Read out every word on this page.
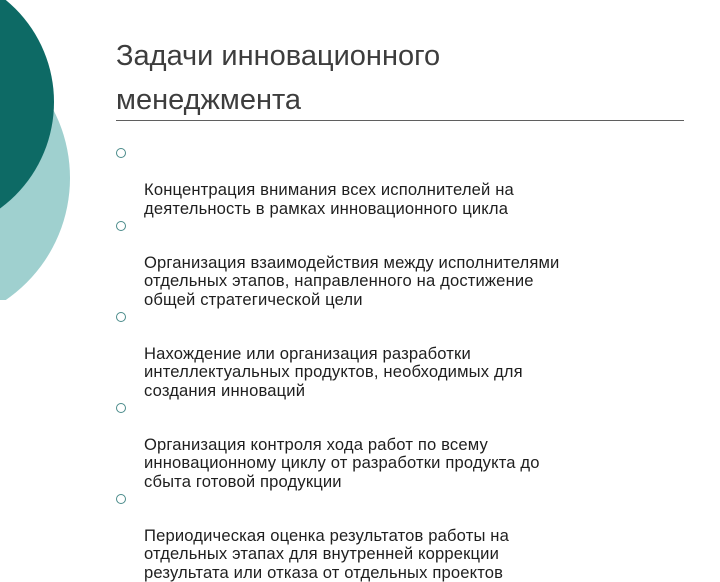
Задачи инновационного
менеджмента

Концентрация внимания всех исполнителей на
деятельность в рамках инновационного цикла

Организация взаимодействия между исполнителями
отдельных этапов, направленного на достижение
общей стратегической цели

Нахождение или организация разработки
интеллектуальных продуктов, необходимых для
создания инноваций

Организация контроля хода работ по всему
инновационному циклу от разработки продукта до
сбыта готовой продукции

Периодическая оценка результатов работы на
отдельных этапах для внутренней коррекции
результата или отказа от отдельных проектов
